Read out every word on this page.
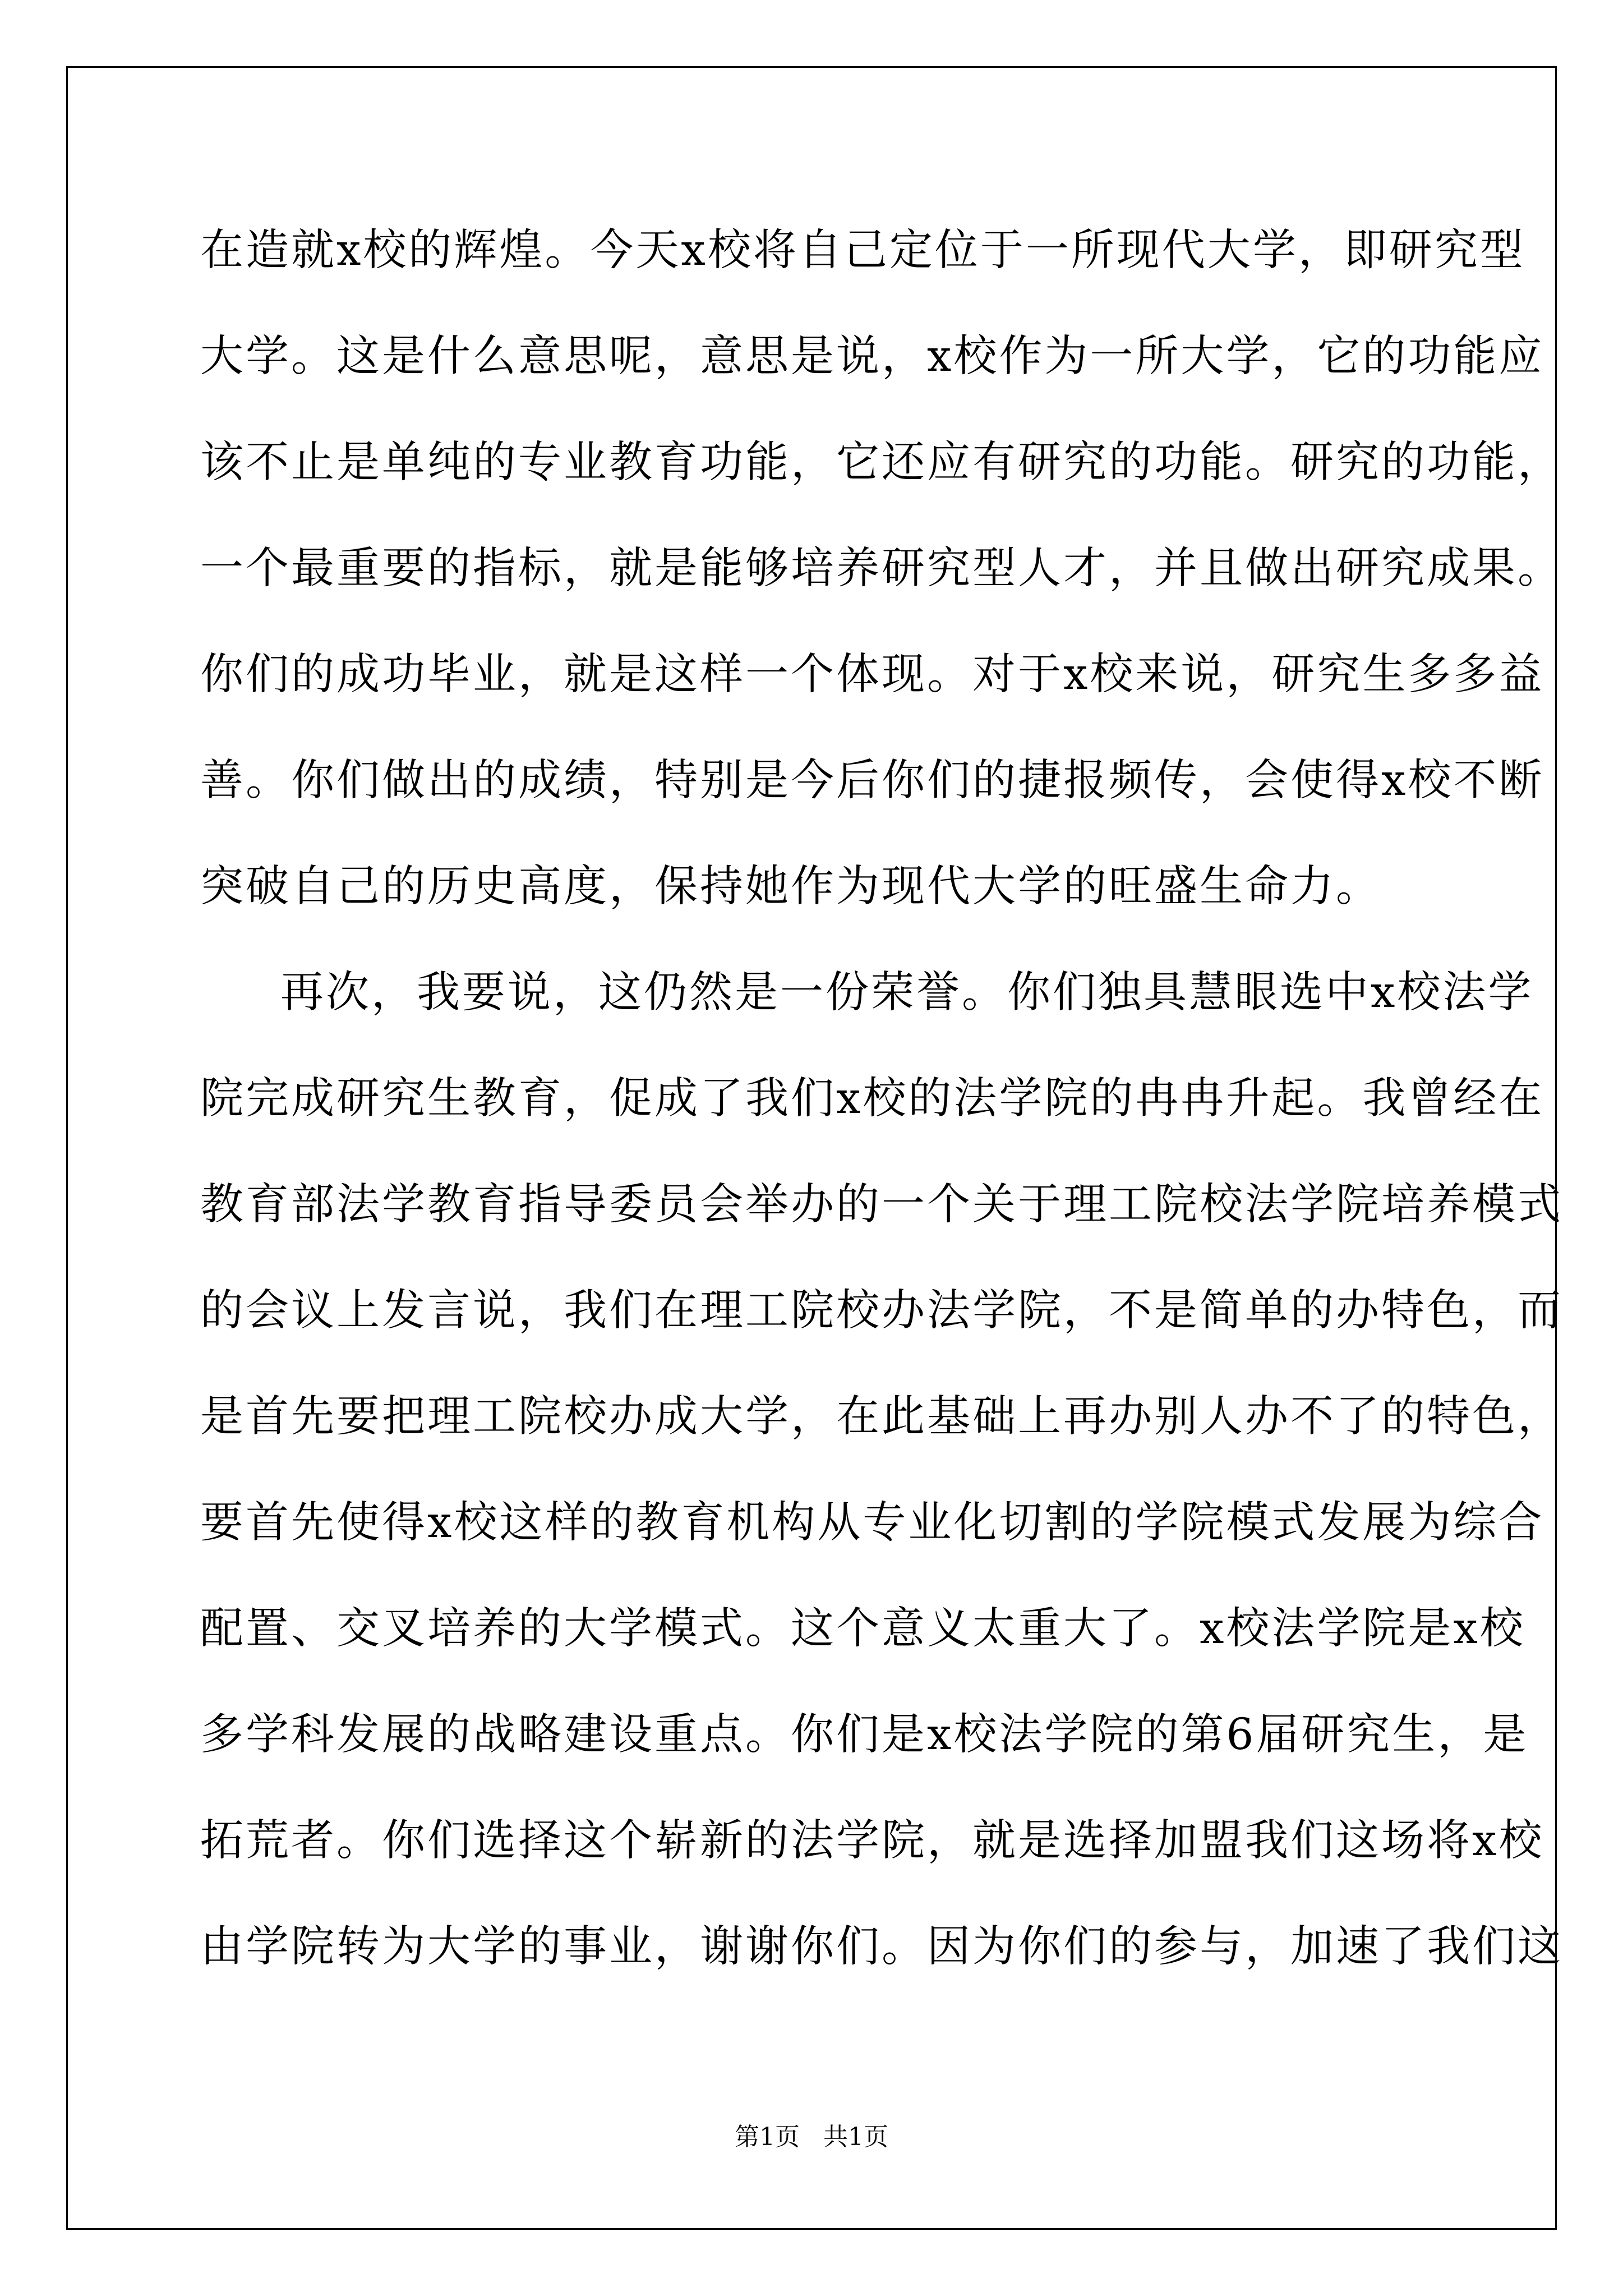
在造就x校的辉煌。今天x校将自己定位于一所现代大学，即研究型
大学。这是什么意思呢，意思是说，x校作为一所大学，它的功能应
该不止是单纯的专业教育功能，它还应有研究的功能。研究的功能，
一个最重要的指标，就是能够培养研究型人才，并且做出研究成果。
你们的成功毕业，就是这样一个体现。对于x校来说，研究生多多益
善。你们做出的成绩，特别是今后你们的捷报频传，会使得x校不断
突破自己的历史高度，保持她作为现代大学的旺盛生命力。
再次，我要说，这仍然是一份荣誉。你们独具慧眼选中x校法学
院完成研究生教育，促成了我们x校的法学院的冉冉升起。我曾经在
教育部法学教育指导委员会举办的一个关于理工院校法学院培养模式
的会议上发言说，我们在理工院校办法学院，不是简单的办特色，而
是首先要把理工院校办成大学，在此基础上再办别人办不了的特色，
要首先使得x校这样的教育机构从专业化切割的学院模式发展为综合
配置、交叉培养的大学模式。这个意义太重大了。x校法学院是x校
多学科发展的战略建设重点。你们是x校法学院的第6届研究生，是
拓荒者。你们选择这个崭新的法学院，就是选择加盟我们这场将x校
由学院转为大学的事业，谢谢你们。因为你们的参与，加速了我们这
第1页   共1页
